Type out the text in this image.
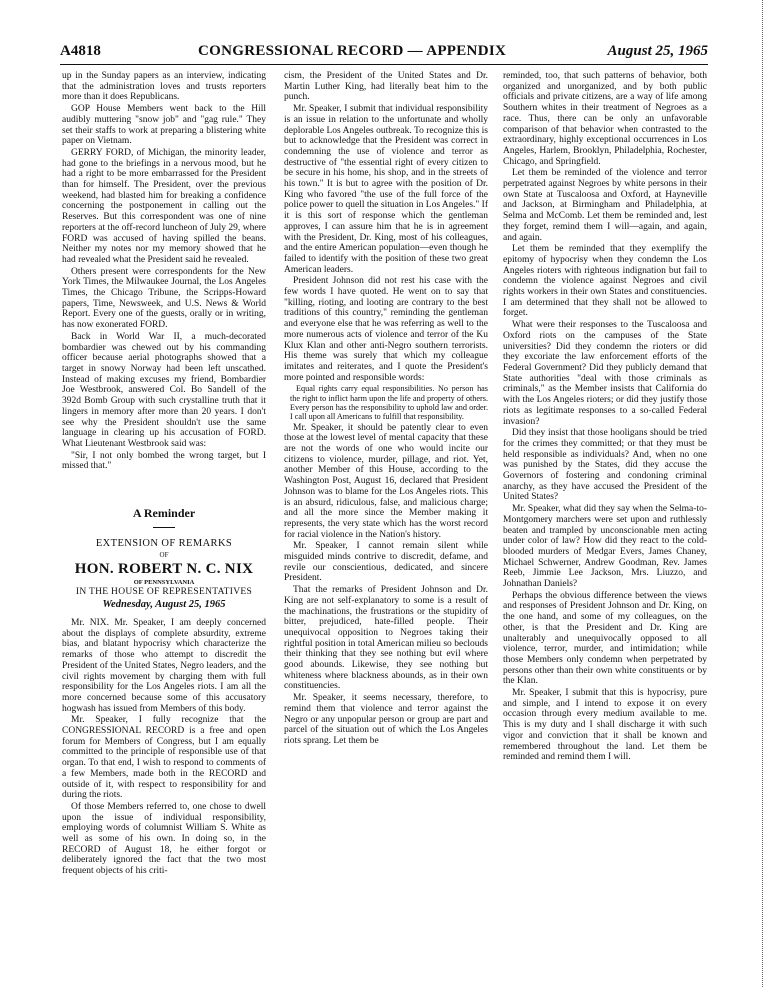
A4818	CONGRESSIONAL RECORD — APPENDIX	August 25, 1965

up in the Sunday papers as an interview, indicating that the administration loves and trusts reporters more than it does Republicans.

GOP House Members went back to the Hill audibly muttering "snow job" and "gag rule." They set their staffs to work at preparing a blistering white paper on Vietnam.

GERRY FORD, of Michigan, the minority leader, had gone to the briefings in a nervous mood, but he had a right to be more embarrassed for the President than for himself. The President, over the previous weekend, had blasted him for breaking a confidence concerning the postponement in calling out the Reserves. But this correspondent was one of nine reporters at the off-record luncheon of July 29, where FORD was accused of having spilled the beans. Neither my notes nor my memory showed that he had revealed what the President said he revealed.

Others present were correspondents for the New York Times, the Milwaukee Journal, the Los Angeles Times, the Chicago Tribune, the Scripps-Howard papers, Time, Newsweek, and U.S. News & World Report. Every one of the guests, orally or in writing, has now exonerated FORD.

Back in World War II, a much-decorated bombardier was chewed out by his commanding officer because aerial photographs showed that a target in snowy Norway had been left unscathed. Instead of making excuses my friend, Bombardier Joe Westbrook, answered Col. Bo Sandell of the 392d Bomb Group with such crystalline truth that it lingers in memory after more than 20 years. I don't see why the President shouldn't use the same language in clearing up his accusation of FORD. What Lieutenant Westbrook said was:

"Sir, I not only bombed the wrong target, but I missed that."

A Reminder
EXTENSION OF REMARKS
OF
HON. ROBERT N. C. NIX
OF PENNSYLVANIA
IN THE HOUSE OF REPRESENTATIVES
Wednesday, August 25, 1965

Mr. NIX. Mr. Speaker, I am deeply concerned about the displays of complete absurdity, extreme bias, and blatant hypocrisy which characterize the remarks of those who attempt to discredit the President of the United States, Negro leaders, and the civil rights movement by charging them with full responsibility for the Los Angeles riots. I am all the more concerned because some of this accusatory hogwash has issued from Members of this body.

Mr. Speaker, I fully recognize that the CONGRESSIONAL RECORD is a free and open forum for Members of Congress, but I am equally committed to the principle of responsible use of that organ. To that end, I wish to respond to comments of a few Members, made both in the RECORD and outside of it, with respect to responsibility for and during the riots.

Of those Members referred to, one chose to dwell upon the issue of individual responsibility, employing words of columnist William S. White as well as some of his own. In doing so, in the RECORD of August 18, he either forgot or deliberately ignored the fact that the two most frequent objects of his criti-

cism, the President of the United States and Dr. Martin Luther King, had literally beat him to the punch.

Mr. Speaker, I submit that individual responsibility is an issue in relation to the unfortunate and wholly deplorable Los Angeles outbreak. To recognize this is but to acknowledge that the President was correct in condemning the use of violence and terror as destructive of "the essential right of every citizen to be secure in his home, his shop, and in the streets of his town." It is but to agree with the position of Dr. King who favored "the use of the full force of the police power to quell the situation in Los Angeles." If it is this sort of response which the gentleman approves, I can assure him that he is in agreement with the President, Dr. King, most of his colleagues, and the entire American population—even though he failed to identify with the position of these two great American leaders.

President Johnson did not rest his case with the few words I have quoted. He went on to say that "killing, rioting, and looting are contrary to the best traditions of this country," reminding the gentleman and everyone else that he was referring as well to the more numerous acts of violence and terror of the Ku Klux Klan and other anti-Negro southern terrorists. His theme was surely that which my colleague imitates and reiterates, and I quote the President's more pointed and responsible words:

Equal rights carry equal responsibilities. No person has the right to inflict harm upon the life and property of others. Every person has the responsibility to uphold law and order. I call upon all Americans to fulfill that responsibility.

Mr. Speaker, it should be patently clear to even those at the lowest level of mental capacity that these are not the words of one who would incite our citizens to violence, murder, pillage, and riot. Yet, another Member of this House, according to the Washington Post, August 16, declared that President Johnson was to blame for the Los Angeles riots. This is an absurd, ridiculous, false, and malicious charge; and all the more since the Member making it represents, the very state which has the worst record for racial violence in the Nation's history.

Mr. Speaker, I cannot remain silent while misguided minds contrive to discredit, defame, and revile our conscientious, dedicated, and sincere President.

That the remarks of President Johnson and Dr. King are not self-explanatory to some is a result of the machinations, the frustrations or the stupidity of bitter, prejudiced, hate-filled people. Their unequivocal opposition to Negroes taking their rightful position in total American milieu so beclouds their thinking that they see nothing but evil where good abounds. Likewise, they see nothing but whiteness where blackness abounds, as in their own constituencies.

Mr. Speaker, it seems necessary, therefore, to remind them that violence and terror against the Negro or any unpopular person or group are part and parcel of the situation out of which the Los Angeles riots sprang. Let them be

reminded, too, that such patterns of behavior, both organized and unorganized, and by both public officials and private citizens, are a way of life among Southern whites in their treatment of Negroes as a race. Thus, there can be only an unfavorable comparison of that behavior when contrasted to the extraordinary, highly exceptional occurrences in Los Angeles, Harlem, Brooklyn, Philadelphia, Rochester, Chicago, and Springfield.

Let them be reminded of the violence and terror perpetrated against Negroes by white persons in their own State at Tuscaloosa and Oxford, at Hayneville and Jackson, at Birmingham and Philadelphia, at Selma and McComb. Let them be reminded and, lest they forget, remind them I will—again, and again, and again.

Let them be reminded that they exemplify the epitomy of hypocrisy when they condemn the Los Angeles rioters with righteous indignation but fail to condemn the violence against Negroes and civil rights workers in their own States and constituencies. I am determined that they shall not be allowed to forget.

What were their responses to the Tuscaloosa and Oxford riots on the campuses of the State universities? Did they condemn the rioters or did they excoriate the law enforcement efforts of the Federal Government? Did they publicly demand that State authorities "deal with those criminals as criminals," as the Member insists that California do with the Los Angeles rioters; or did they justify those riots as legitimate responses to a so-called Federal invasion?

Did they insist that those hooligans should be tried for the crimes they committed; or that they must be held responsible as individuals? And, when no one was punished by the States, did they accuse the Governors of fostering and condoning criminal anarchy, as they have accused the President of the United States?

Mr. Speaker, what did they say when the Selma-to-Montgomery marchers were set upon and ruthlessly beaten and trampled by unconscionable men acting under color of law? How did they react to the cold-blooded murders of Medgar Evers, James Chaney, Michael Schwerner, Andrew Goodman, Rev. James Reeb, Jimmie Lee Jackson, Mrs. Liuzzo, and Johnathan Daniels?

Perhaps the obvious difference between the views and responses of President Johnson and Dr. King, on the one hand, and some of my colleagues, on the other, is that the President and Dr. King are unalterably and unequivocally opposed to all violence, terror, murder, and intimidation; while those Members only condemn when perpetrated by persons other than their own white constituents or by the Klan.

Mr. Speaker, I submit that this is hypocrisy, pure and simple, and I intend to expose it on every occasion through every medium available to me. This is my duty and I shall discharge it with such vigor and conviction that it shall be known and remembered throughout the land. Let them be reminded and remind them I will.
